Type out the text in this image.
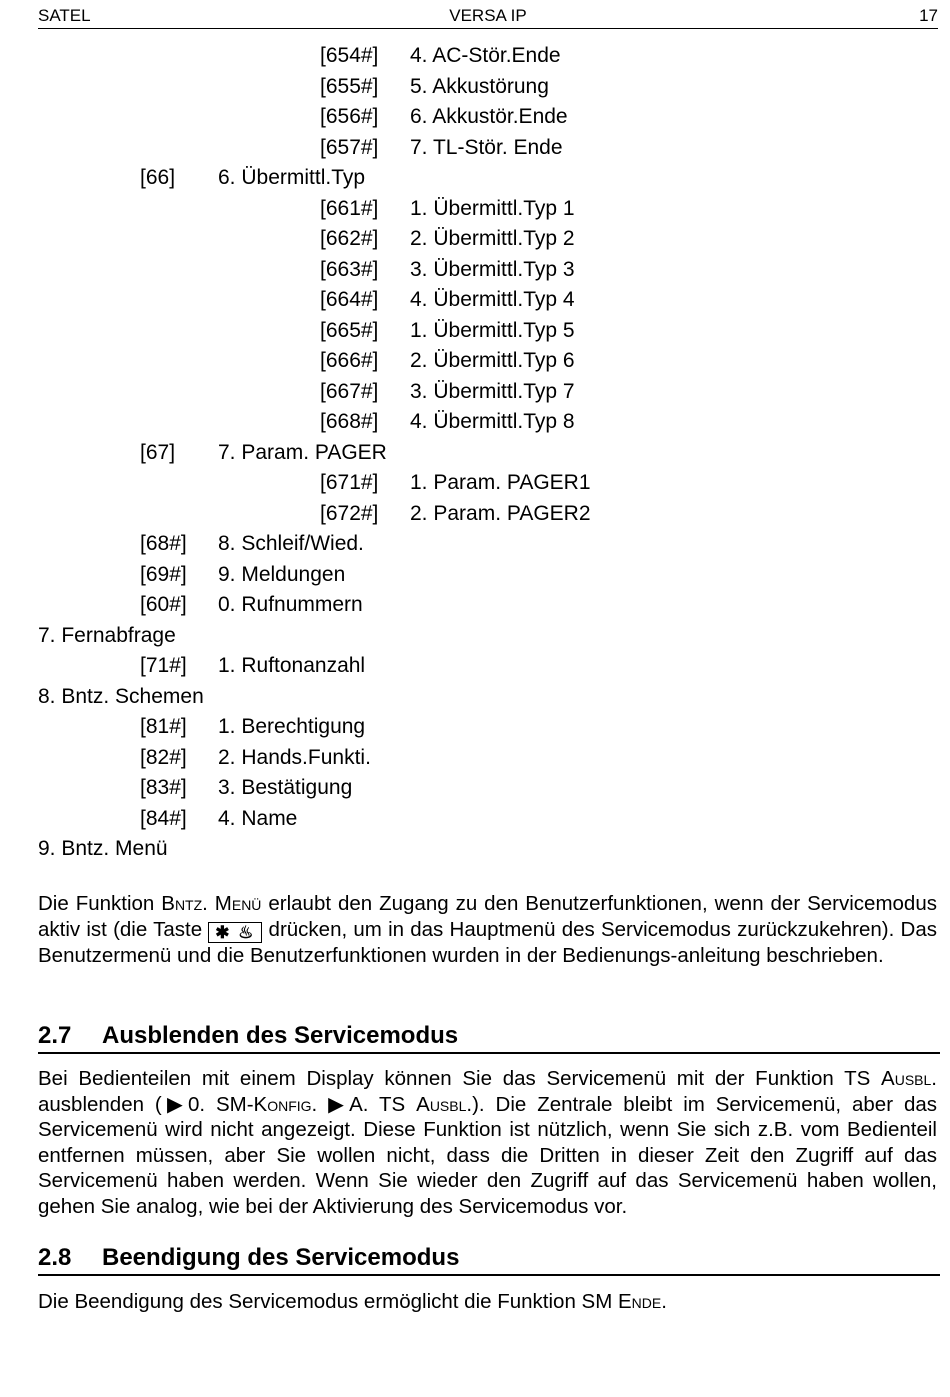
SATEL	VERSA IP	17
[654#] 4. AC-Stör.Ende
[655#] 5. Akkustörung
[656#] 6. Akkustör.Ende
[657#] 7. TL-Stör. Ende
[66] 6. Übermittl.Typ
[661#] 1. Übermittl.Typ 1
[662#] 2. Übermittl.Typ 2
[663#] 3. Übermittl.Typ 3
[664#] 4. Übermittl.Typ 4
[665#] 1. Übermittl.Typ 5
[666#] 2. Übermittl.Typ 6
[667#] 3. Übermittl.Typ 7
[668#] 4. Übermittl.Typ 8
[67] 7. Param. PAGER
[671#] 1. Param. PAGER1
[672#] 2. Param. PAGER2
[68#] 8. Schleif/Wied.
[69#] 9. Meldungen
[60#] 0. Rufnummern
7. Fernabfrage
[71#] 1. Ruftonanzahl
8. Bntz. Schemen
[81#] 1. Berechtigung
[82#] 2. Hands.Funkti.
[83#] 3. Bestätigung
[84#] 4. Name
9. Bntz. Menü
Die Funktion Bntz. Menü erlaubt den Zugang zu den Benutzerfunktionen, wenn der Servicemodus aktiv ist (die Taste ✱ ♨ drücken, um in das Hauptmenü des Servicemodus zurückzukehren). Das Benutzermenü und die Benutzerfunktionen wurden in der Bedienungs-anleitung beschrieben.
2.7 Ausblenden des Servicemodus
Bei Bedienteilen mit einem Display können Sie das Servicemenü mit der Funktion TS Ausbl. ausblenden (▶0. SM-Konfig. ▶A. TS Ausbl.). Die Zentrale bleibt im Servicemenü, aber das Servicemenü wird nicht angezeigt. Diese Funktion ist nützlich, wenn Sie sich z.B. vom Bedienteil entfernen müssen, aber Sie wollen nicht, dass die Dritten in dieser Zeit den Zugriff auf das Servicemenü haben werden. Wenn Sie wieder den Zugriff auf das Servicemenü haben wollen, gehen Sie analog, wie bei der Aktivierung des Servicemodus vor.
2.8 Beendigung des Servicemodus
Die Beendigung des Servicemodus ermöglicht die Funktion SM Ende.
